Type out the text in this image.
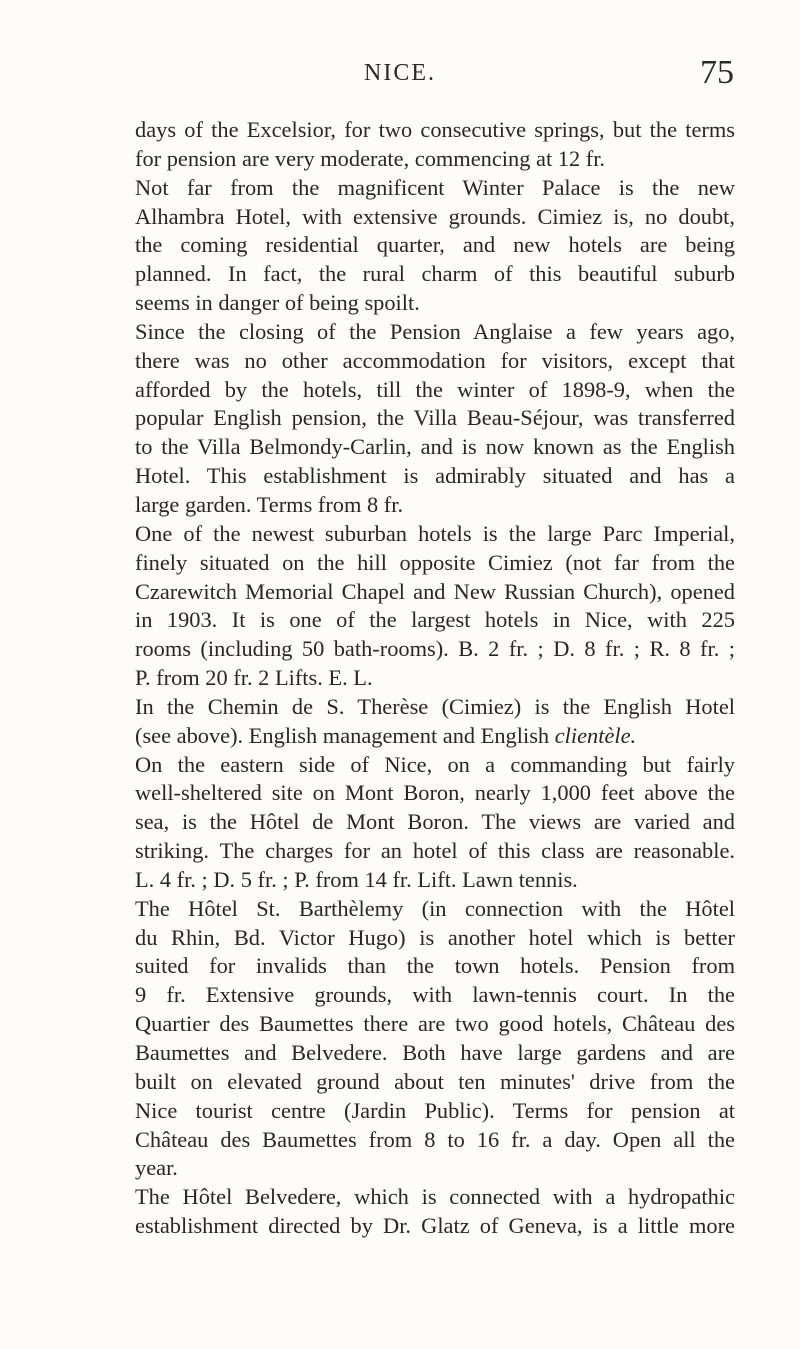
NICE.	75
days of the Excelsior, for two consecutive springs, but the terms
for pension are very moderate, commencing at 12 fr.
Not far from the magnificent Winter Palace is the new
Alhambra Hotel, with extensive grounds. Cimiez is, no doubt,
the coming residential quarter, and new hotels are being
planned. In fact, the rural charm of this beautiful suburb
seems in danger of being spoilt.
Since the closing of the Pension Anglaise a few years ago,
there was no other accommodation for visitors, except that
afforded by the hotels, till the winter of 1898-9, when the
popular English pension, the Villa Beau-Séjour, was transferred
to the Villa Belmondy-Carlin, and is now known as the English
Hotel. This establishment is admirably situated and has a
large garden. Terms from 8 fr.
One of the newest suburban hotels is the large Parc Imperial,
finely situated on the hill opposite Cimiez (not far from the
Czarewitch Memorial Chapel and New Russian Church), opened
in 1903. It is one of the largest hotels in Nice, with 225
rooms (including 50 bath-rooms). B. 2 fr. ; D. 8 fr. ; R. 8 fr. ;
P. from 20 fr. 2 Lifts. E. L.
In the Chemin de S. Therèse (Cimiez) is the English Hotel
(see above). English management and English clientèle.
On the eastern side of Nice, on a commanding but fairly
well-sheltered site on Mont Boron, nearly 1,000 feet above the
sea, is the Hôtel de Mont Boron. The views are varied and
striking. The charges for an hotel of this class are reasonable.
L. 4 fr. ; D. 5 fr. ; P. from 14 fr. Lift. Lawn tennis.
The Hôtel St. Barthèlemy (in connection with the Hôtel
du Rhin, Bd. Victor Hugo) is another hotel which is better
suited for invalids than the town hotels. Pension from
9 fr. Extensive grounds, with lawn-tennis court. In the
Quartier des Baumettes there are two good hotels, Château des
Baumettes and Belvedere. Both have large gardens and are
built on elevated ground about ten minutes' drive from the
Nice tourist centre (Jardin Public). Terms for pension at
Château des Baumettes from 8 to 16 fr. a day. Open all the
year.
The Hôtel Belvedere, which is connected with a hydropathic
establishment directed by Dr. Glatz of Geneva, is a little more
